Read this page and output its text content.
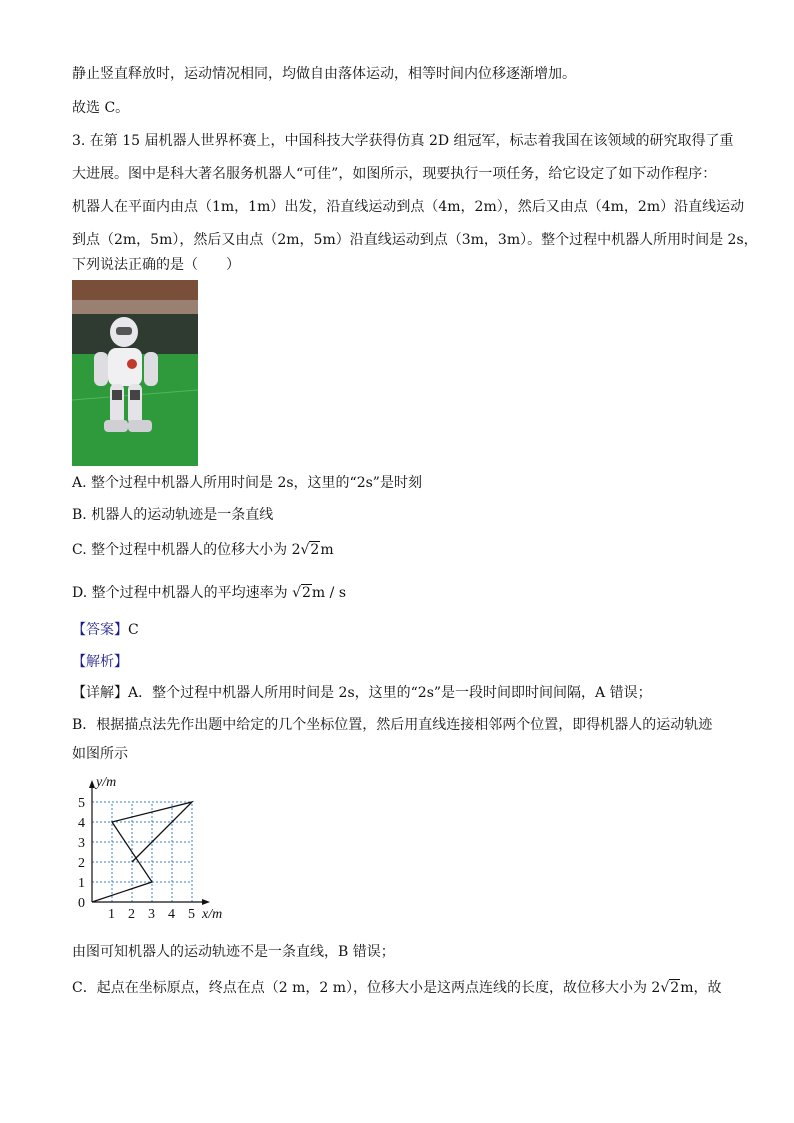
静止竖直释放时，运动情况相同，均做自由落体运动，相等时间内位移逐渐增加。
故选 C。
3. 在第 15 届机器人世界杯赛上，中国科技大学获得仿真 2D 组冠军，标志着我国在该领域的研究取得了重
大进展。图中是科大著名服务机器人“可佳”，如图所示，现要执行一项任务，给它设定了如下动作程序：
机器人在平面内由点（1m，1m）出发，沿直线运动到点（4m，2m），然后又由点（4m，2m）沿直线运动
到点（2m，5m），然后又由点（2m，5m）沿直线运动到点（3m，3m）。整个过程中机器人所用时间是 2s，
下列说法正确的是（　　）
A. 整个过程中机器人所用时间是 2s，这里的“2s”是时刻
B. 机器人的运动轨迹是一条直线
C. 整个过程中机器人的位移大小为 2√2m
D. 整个过程中机器人的平均速率为 √2m / s
【答案】C
【解析】
【详解】A．整个过程中机器人所用时间是 2s，这里的“2s”是一段时间即时间间隔，A 错误；
B．根据描点法先作出题中给定的几个坐标位置，然后用直线连接相邻两个位置，即得机器人的运动轨迹
如图所示
1 2 3 4 5
0
1
2
3
4
5
x/m
y/m
由图可知机器人的运动轨迹不是一条直线，B 错误；
C．起点在坐标原点，终点在点（2 m，2 m），位移大小是这两点连线的长度，故位移大小为 2√2m，故
